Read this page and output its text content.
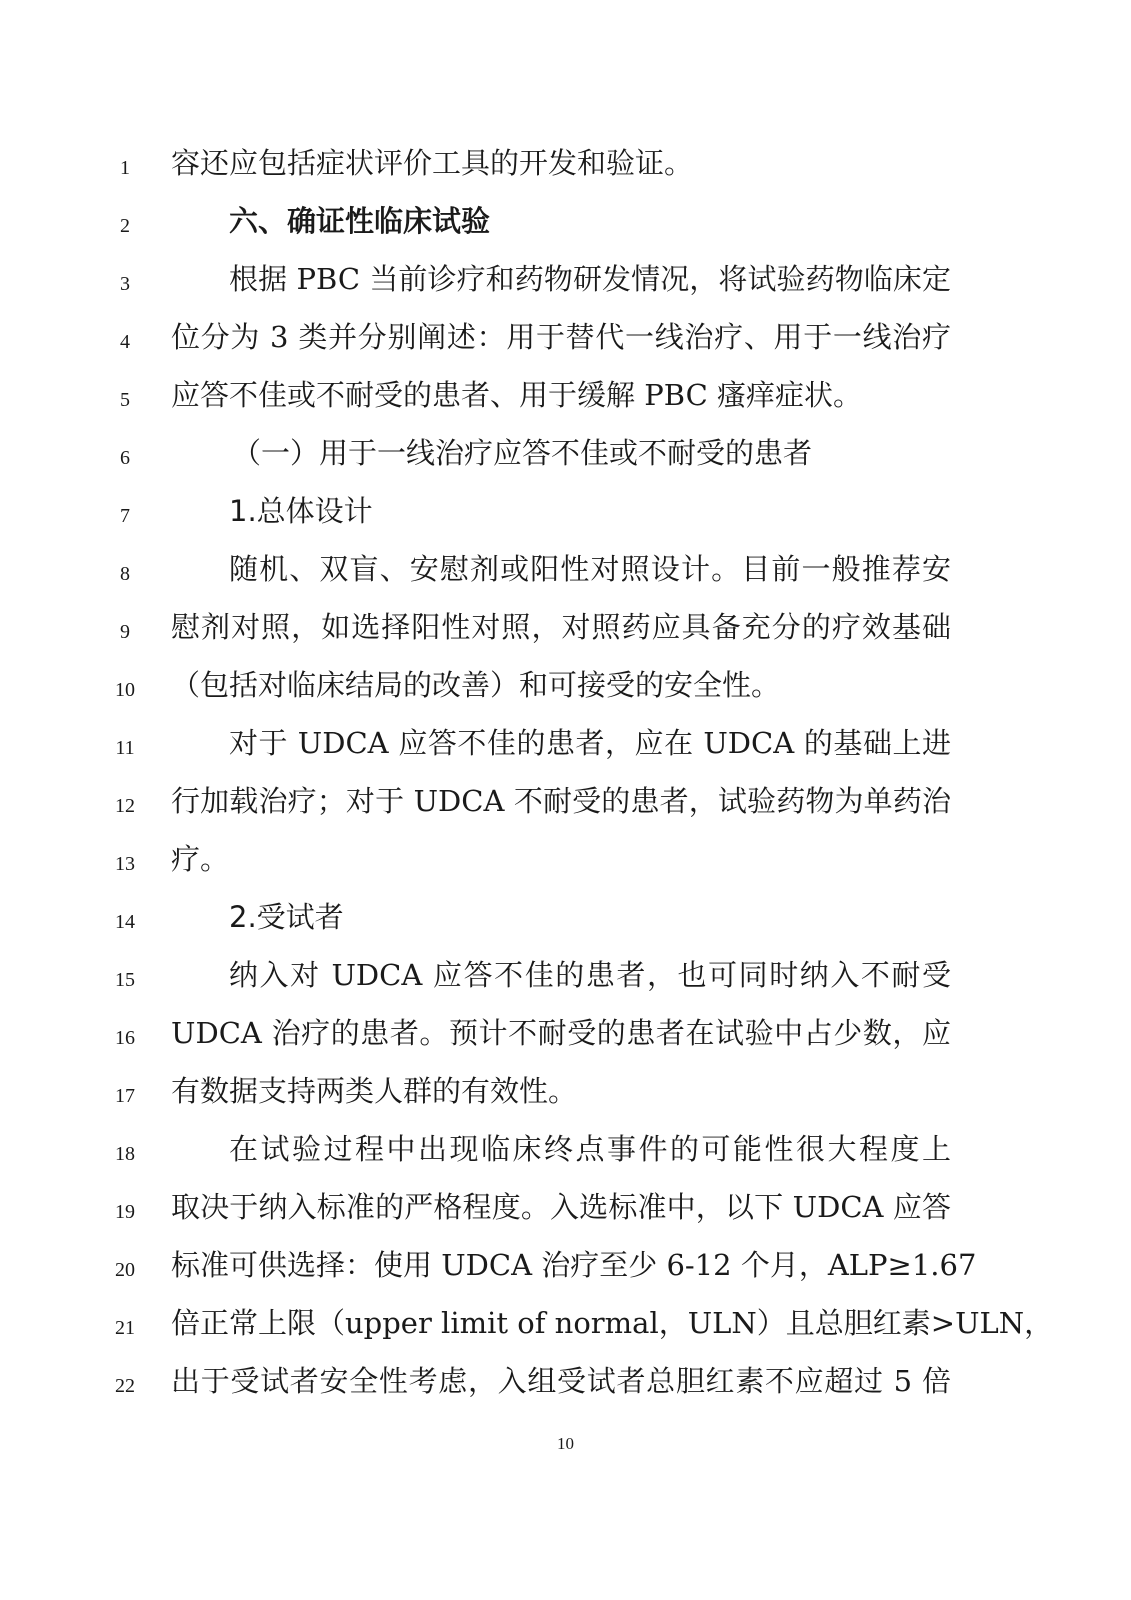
1	容还应包括症状评价工具的开发和验证。
2	六、确证性临床试验
3	根据 PBC 当前诊疗和药物研发情况，将试验药物临床定
4	位分为 3 类并分别阐述：用于替代一线治疗、用于一线治疗
5	应答不佳或不耐受的患者、用于缓解 PBC 瘙痒症状。
6	（一）用于一线治疗应答不佳或不耐受的患者
7	1.总体设计
8	随机、双盲、安慰剂或阳性对照设计。目前一般推荐安
9	慰剂对照，如选择阳性对照，对照药应具备充分的疗效基础
10	（包括对临床结局的改善）和可接受的安全性。
11	对于 UDCA 应答不佳的患者，应在 UDCA 的基础上进
12	行加载治疗；对于 UDCA 不耐受的患者，试验药物为单药治
13	疗。
14	2.受试者
15	纳入对 UDCA 应答不佳的患者，也可同时纳入不耐受
16	UDCA 治疗的患者。预计不耐受的患者在试验中占少数，应
17	有数据支持两类人群的有效性。
18	在试验过程中出现临床终点事件的可能性很大程度上
19	取决于纳入标准的严格程度。入选标准中，以下 UDCA 应答
20	标准可供选择：使用 UDCA 治疗至少 6-12 个月，ALP≥1.67
21	倍正常上限（upper limit of normal，ULN）且总胆红素>ULN，
22	出于受试者安全性考虑，入组受试者总胆红素不应超过 5 倍
10
